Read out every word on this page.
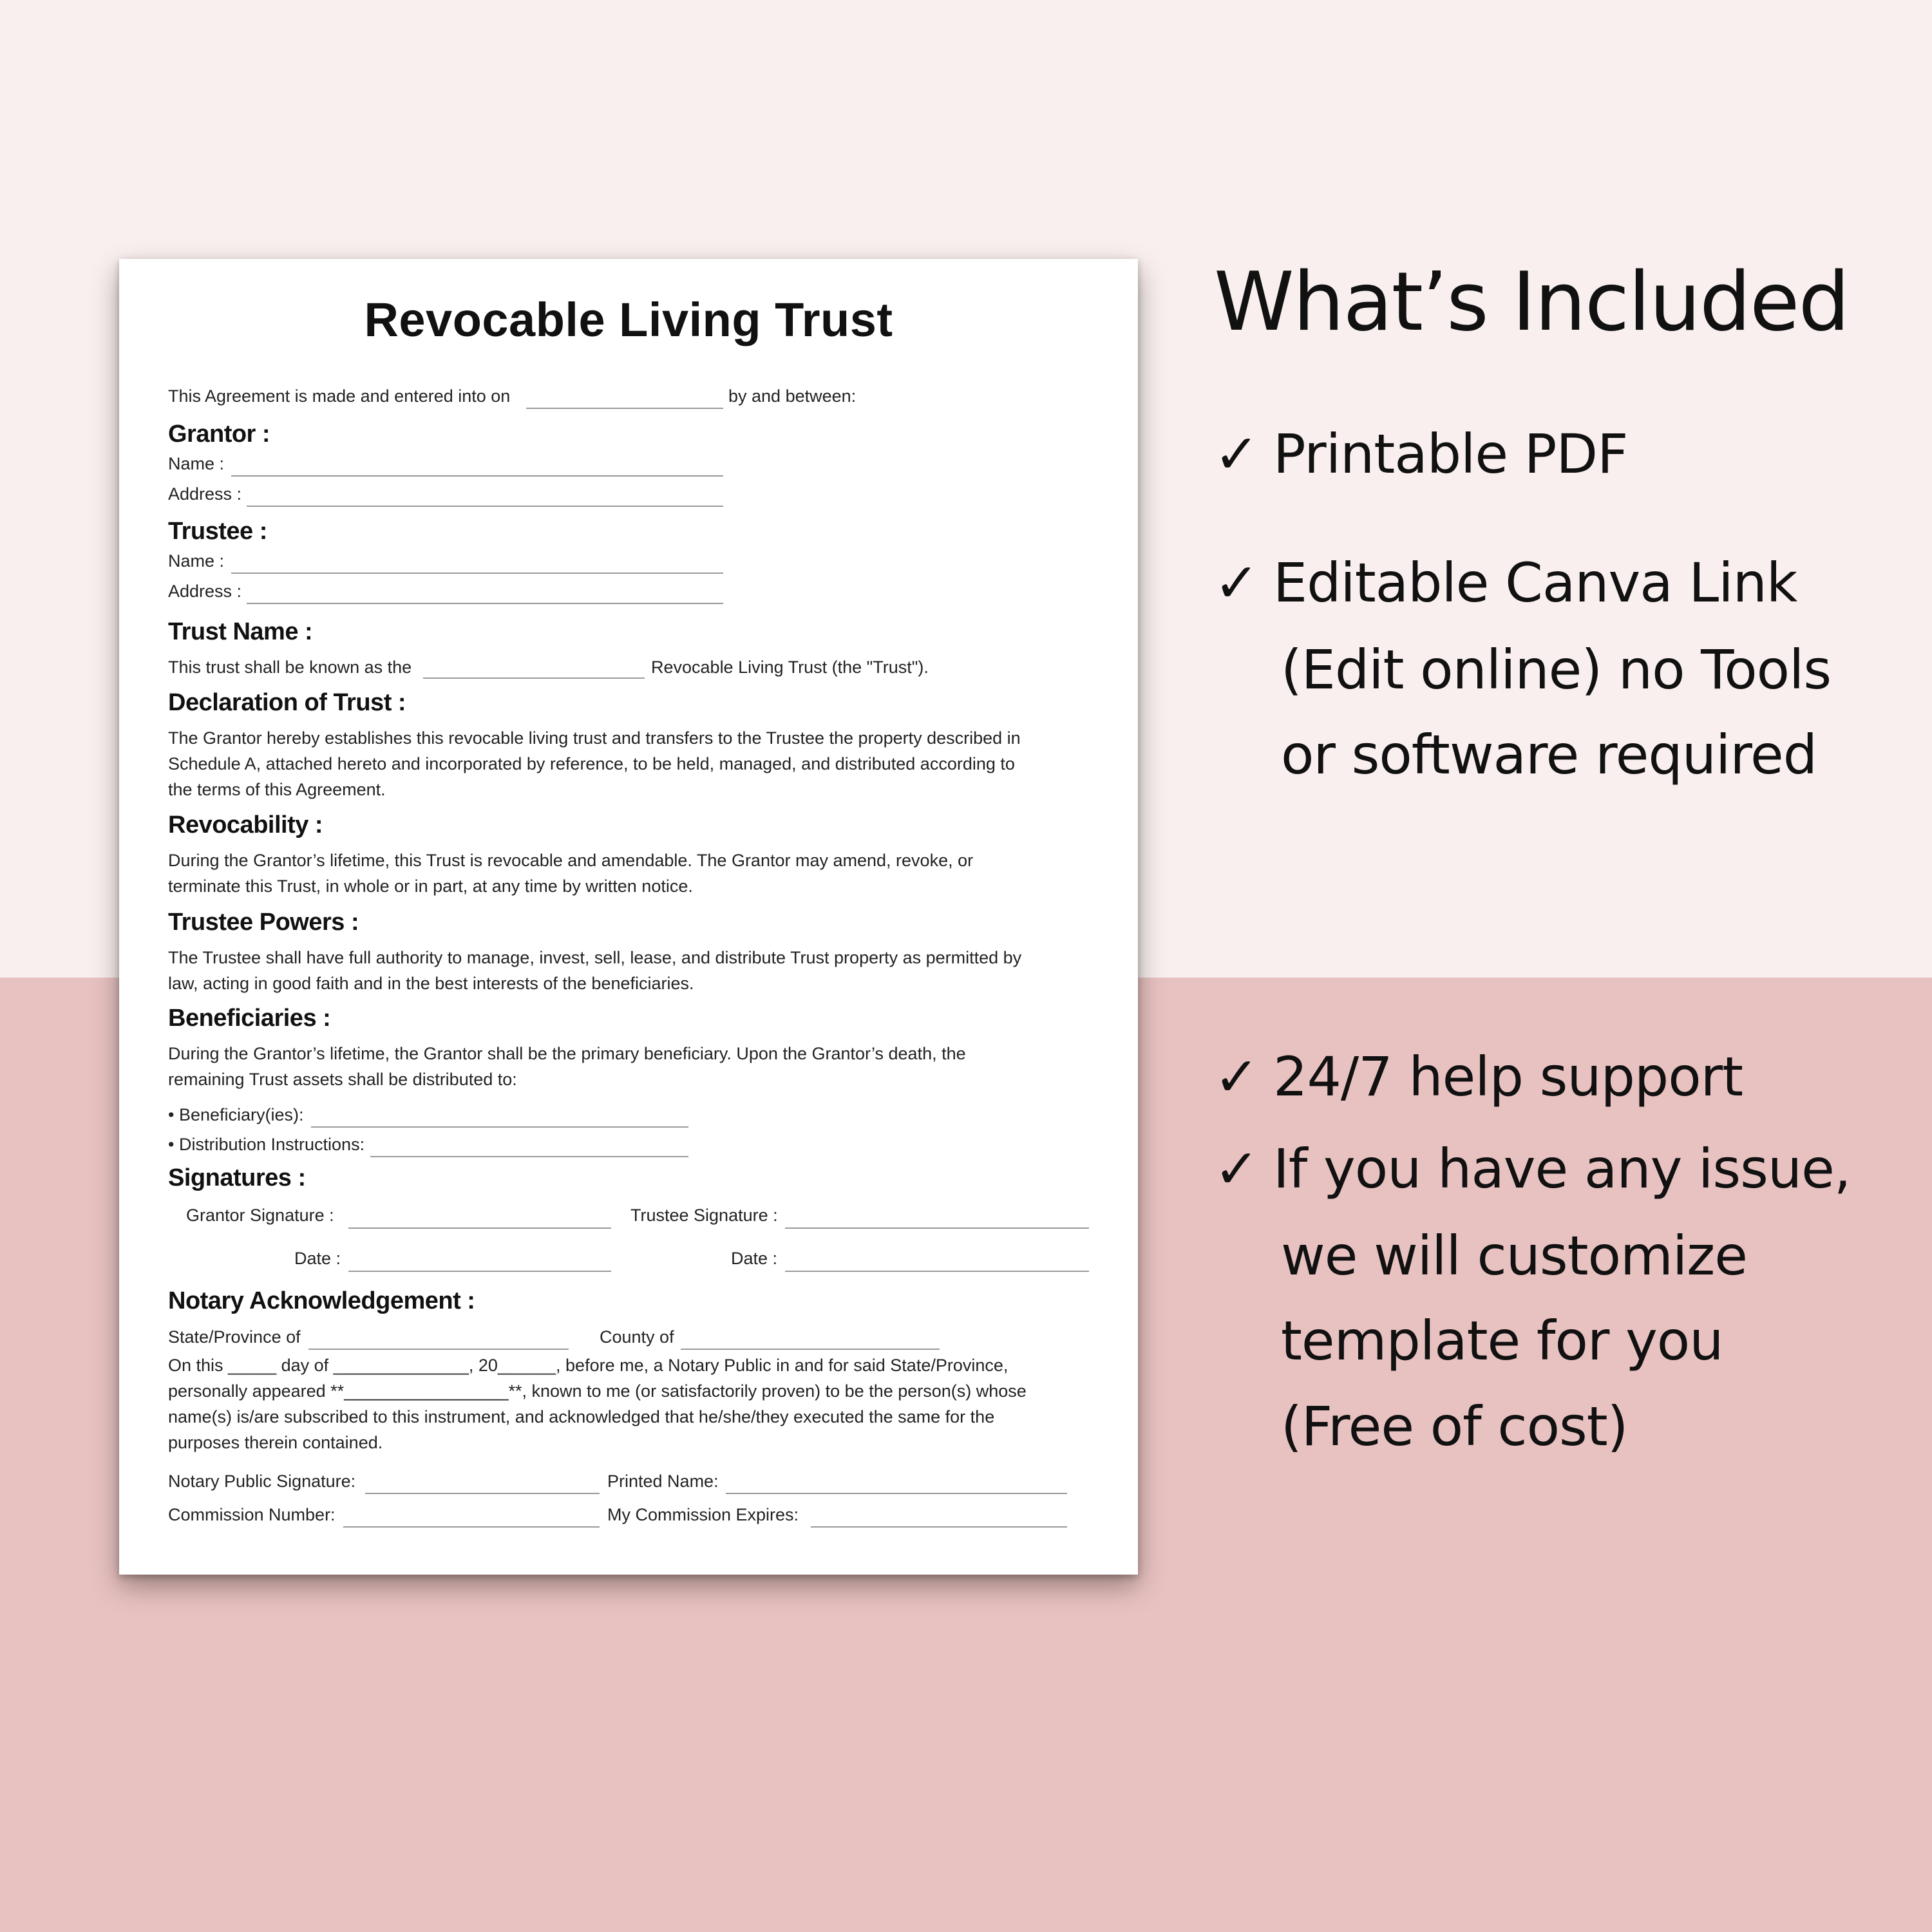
Revocable Living Trust
This Agreement is made and entered into on	by and between:
Grantor :
Name :
Address :
Trustee :
Name :
Address :
Trust Name :
This trust shall be known as the	Revocable Living Trust (the "Trust").
Declaration of Trust :
The Grantor hereby establishes this revocable living trust and transfers to the Trustee the property described in
Schedule A, attached hereto and incorporated by reference, to be held, managed, and distributed according to
the terms of this Agreement.
Revocability :
During the Grantor’s lifetime, this Trust is revocable and amendable. The Grantor may amend, revoke, or
terminate this Trust, in whole or in part, at any time by written notice.
Trustee Powers :
The Trustee shall have full authority to manage, invest, sell, lease, and distribute Trust property as permitted by
law, acting in good faith and in the best interests of the beneficiaries.
Beneficiaries :
During the Grantor’s lifetime, the Grantor shall be the primary beneficiary. Upon the Grantor’s death, the
remaining Trust assets shall be distributed to:
• Beneficiary(ies):
• Distribution Instructions:
Signatures :
Grantor Signature :	Trustee Signature :
Date :	Date :
Notary Acknowledgement :
State/Province of	County of
On this _____ day of ______________, 20______, before me, a Notary Public in and for said State/Province,
personally appeared **_________________**, known to me (or satisfactorily proven) to be the person(s) whose
name(s) is/are subscribed to this instrument, and acknowledged that he/she/they executed the same for the
purposes therein contained.
Notary Public Signature:	Printed Name:
Commission Number:	My Commission Expires:
What’s Included
✓ Printable PDF
✓ Editable Canva Link
(Edit online) no Tools
or software required
✓ 24/7 help support
✓ If you have any issue,
we will customize
template for you
(Free of cost)
